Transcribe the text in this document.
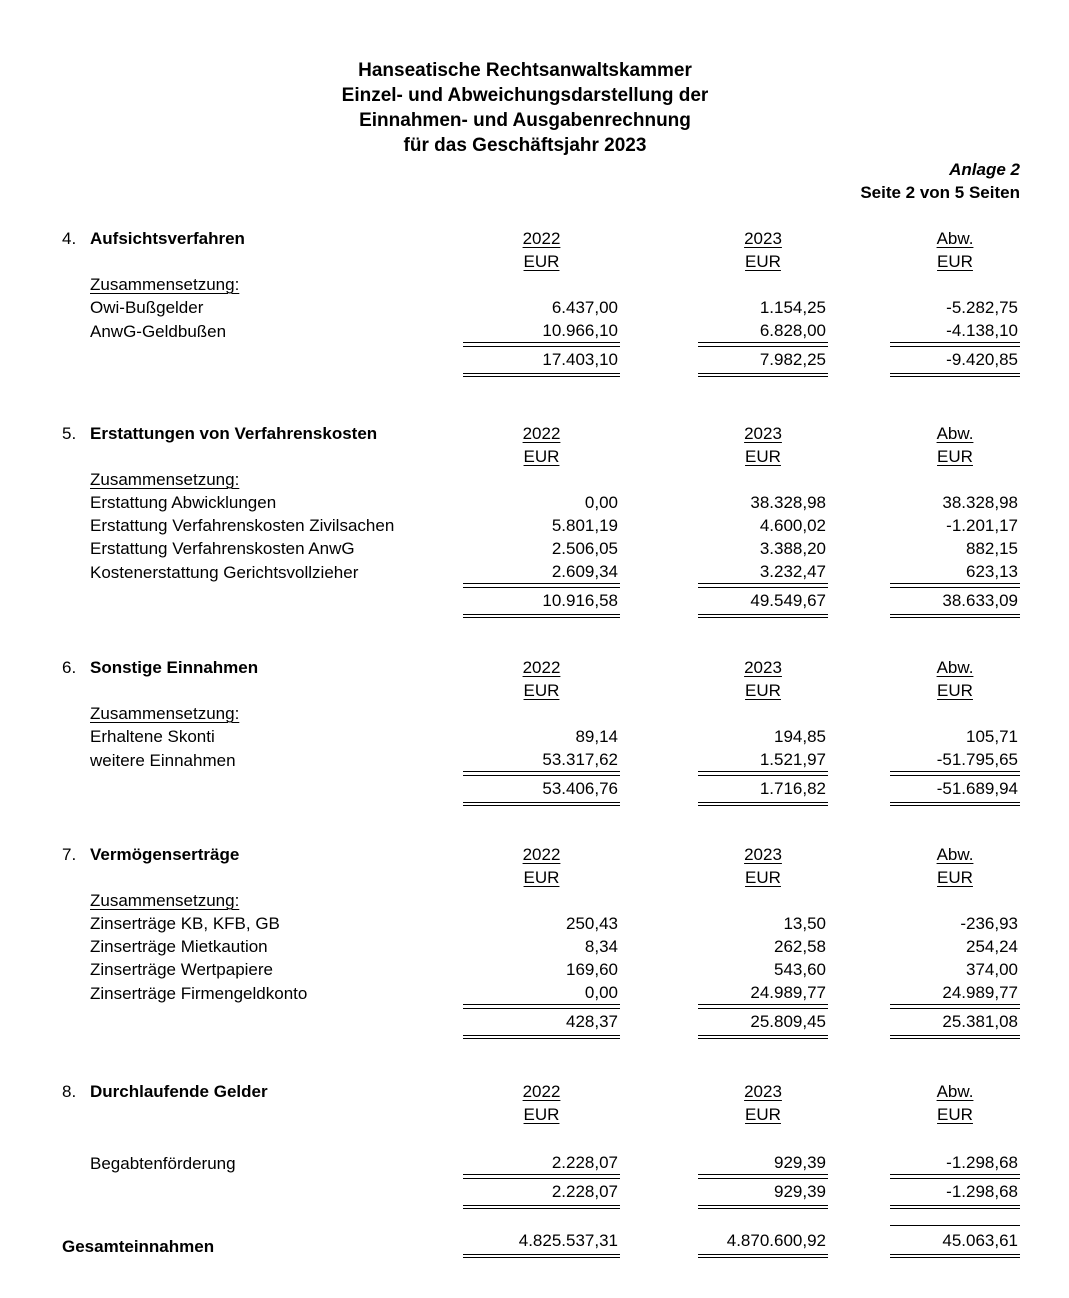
Hanseatische Rechtsanwaltskammer
Einzel- und Abweichungsdarstellung der
Einnahmen- und Ausgabenrechnung
für das Geschäftsjahr 2023
Anlage 2
Seite 2 von 5 Seiten
4. Aufsichtsverfahren	2022	2023	Abw.
EUR	EUR	EUR
Zusammensetzung:
Owi-Bußgelder	6.437,00	1.154,25	-5.282,75
AnwG-Geldbußen	10.966,10	6.828,00	-4.138,10
17.403,10	7.982,25	-9.420,85
5. Erstattungen von Verfahrenskosten	2022	2023	Abw.
EUR	EUR	EUR
Zusammensetzung:
Erstattung Abwicklungen	0,00	38.328,98	38.328,98
Erstattung Verfahrenskosten Zivilsachen	5.801,19	4.600,02	-1.201,17
Erstattung Verfahrenskosten AnwG	2.506,05	3.388,20	882,15
Kostenerstattung Gerichtsvollzieher	2.609,34	3.232,47	623,13
10.916,58	49.549,67	38.633,09
6. Sonstige Einnahmen	2022	2023	Abw.
EUR	EUR	EUR
Zusammensetzung:
Erhaltene Skonti	89,14	194,85	105,71
weitere Einnahmen	53.317,62	1.521,97	-51.795,65
53.406,76	1.716,82	-51.689,94
7. Vermögenserträge	2022	2023	Abw.
EUR	EUR	EUR
Zusammensetzung:
Zinserträge KB, KFB, GB	250,43	13,50	-236,93
Zinserträge Mietkaution	8,34	262,58	254,24
Zinserträge Wertpapiere	169,60	543,60	374,00
Zinserträge Firmengeldkonto	0,00	24.989,77	24.989,77
428,37	25.809,45	25.381,08
8. Durchlaufende Gelder	2022	2023	Abw.
EUR	EUR	EUR
Begabtenförderung	2.228,07	929,39	-1.298,68
2.228,07	929,39	-1.298,68
Gesamteinnahmen	4.825.537,31	4.870.600,92	45.063,61
